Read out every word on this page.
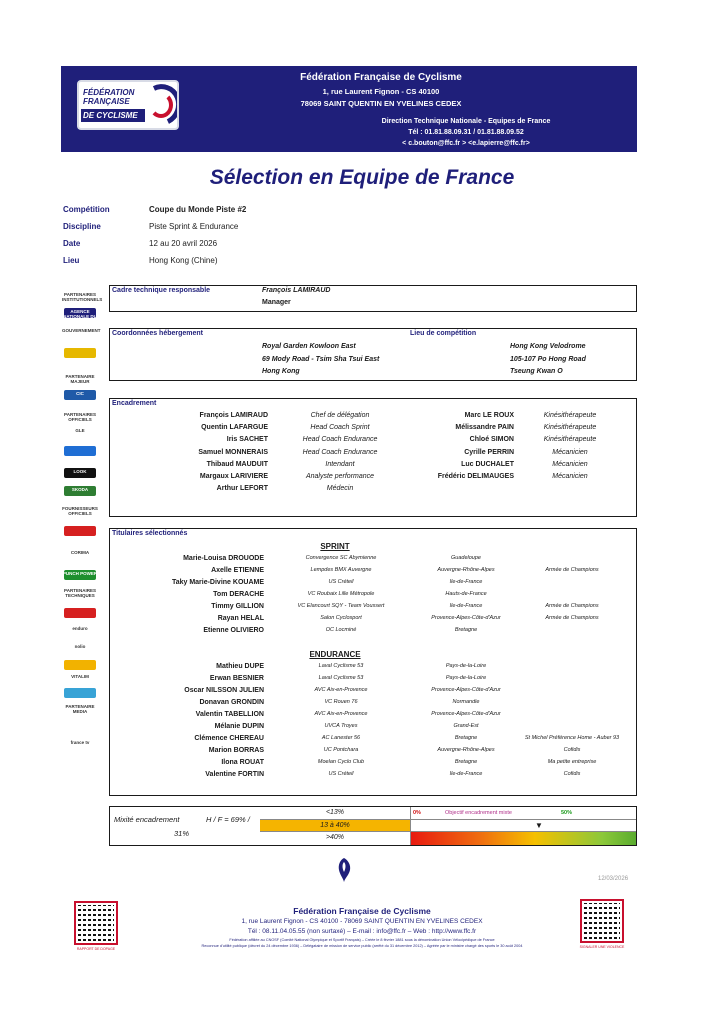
FÉDÉRATION
FRANÇAISE
DE CYCLISME
Fédération Française de Cyclisme
1, rue Laurent Fignon - CS 40100
78069 SAINT QUENTIN EN YVELINES CEDEX
Direction Technique Nationale - Equipes de France
Tél : 01.81.88.09.31 / 01.81.88.09.52
< c.bouton@ffc.fr > <e.lapierre@ffc.fr>
Sélection en Equipe de France
Compétition	Coupe du Monde Piste #2
Discipline	Piste Sprint & Endurance
Date	12 au 20 avril 2026
Lieu	Hong Kong (Chine)
PARTENAIRES INSTITUTIONNELS
AGENCE NATIONALE DU SPORT
GOUVERNEMENT
PARTENAIRE MAJEUR
CIC
PARTENAIRES OFFICIELS
GLE
LOOK
SKODA
FOURNISSEURS OFFICIELS
CORIMA
PUNCH POWER
PARTENAIRES TECHNIQUES
enduro
nolio
VITALIM
PARTENAIRE MEDIA
france tv
Cadre technique responsable	François LAMIRAUD
Manager
Coordonnées hébergement	Lieu de compétition
Royal Garden Kowloon East
69 Mody Road - Tsim Sha Tsui East
Hong Kong
Hong Kong Velodrome
105-107 Po Hong Road
Tseung Kwan O
Encadrement
François LAMIRAUD	Chef de délégation
Quentin LAFARGUE	Head Coach Sprint
Iris SACHET	Head Coach Endurance
Samuel MONNERAIS	Head Coach Endurance
Thibaud MAUDUIT	Intendant
Margaux LARIVIERE	Analyste performance
Arthur LEFORT	Médecin
Marc LE ROUX	Kinésithérapeute
Mélissandre PAIN	Kinésithérapeute
Chloé SIMON	Kinésithérapeute
Cyrille PERRIN	Mécanicien
Luc DUCHALET	Mécanicien
Frédéric DELIMAUGES	Mécanicien
Titulaires sélectionnés
SPRINT
Marie-Louisa DROUODE	Convergence SC Abymienne	Guadeloupe
Axelle ETIENNE	Lempdes BMX Auvergne	Auvergne-Rhône-Alpes	Armée de Champions
Taky Marie-Divine KOUAME	US Créteil	Ile-de-France
Tom DERACHE	VC Roubaix Lille Métropole	Hauts-de-France
Timmy GILLION	VC Elancourt SQY - Team Voussert	Ile-de-France	Armée de Champions
Rayan HELAL	Salon Cyclosport	Provence-Alpes-Côte-d'Azur	Armée de Champions
Etienne OLIVIERO	OC Locminé	Bretagne
ENDURANCE
Mathieu DUPE	Laval Cyclisme 53	Pays-de-la-Loire
Erwan BESNIER	Laval Cyclisme 53	Pays-de-la-Loire
Oscar NILSSON JULIEN	AVC Aix-en-Provence	Provence-Alpes-Côte-d'Azur
Donavan GRONDIN	VC Rouen 76	Normandie
Valentin TABELLION	AVC Aix-en-Provence	Provence-Alpes-Côte-d'Azur
Mélanie DUPIN	UVCA Troyes	Grand-Est
Clémence CHEREAU	AC Lanester 56	Bretagne	St Michel Préférence Home - Auber 93
Marion BORRAS	UC Pontchara	Auvergne-Rhône-Alpes	Cofidis
Ilona ROUAT	Moelan Cyclo Club	Bretagne	Ma petite entreprise
Valentine FORTIN	US Créteil	Ile-de-France	Cofidis
Mixité encadrement	H / F = 69% /
31%
<13%
13 à 40%
>40%
0%	Objectif encadrement mixte	50%
▼
12/03/2026
Fédération Française de Cyclisme
1, rue Laurent Fignon - CS 40100 - 78069 SAINT QUENTIN EN YVELINES CEDEX
Tél : 08.11.04.05.55 (non surtaxé) – E-mail : info@ffc.fr – Web : http://www.ffc.fr
Fédération affiliée au CNOSF (Comité National Olympique et Sportif Français) – Créée le 8 février 1881 sous la dénomination Union Vélocipédique de France
Reconnue d'utilité publique (décret du 24 décembre 1936) – Délégataire de mission de service public (arrêté du 31 décembre 2012) – Agréée par le ministre chargé des sports le 30 août 2004
RAPPORT DE DOPAGE	SIGNALER UNE VIOLENCE
